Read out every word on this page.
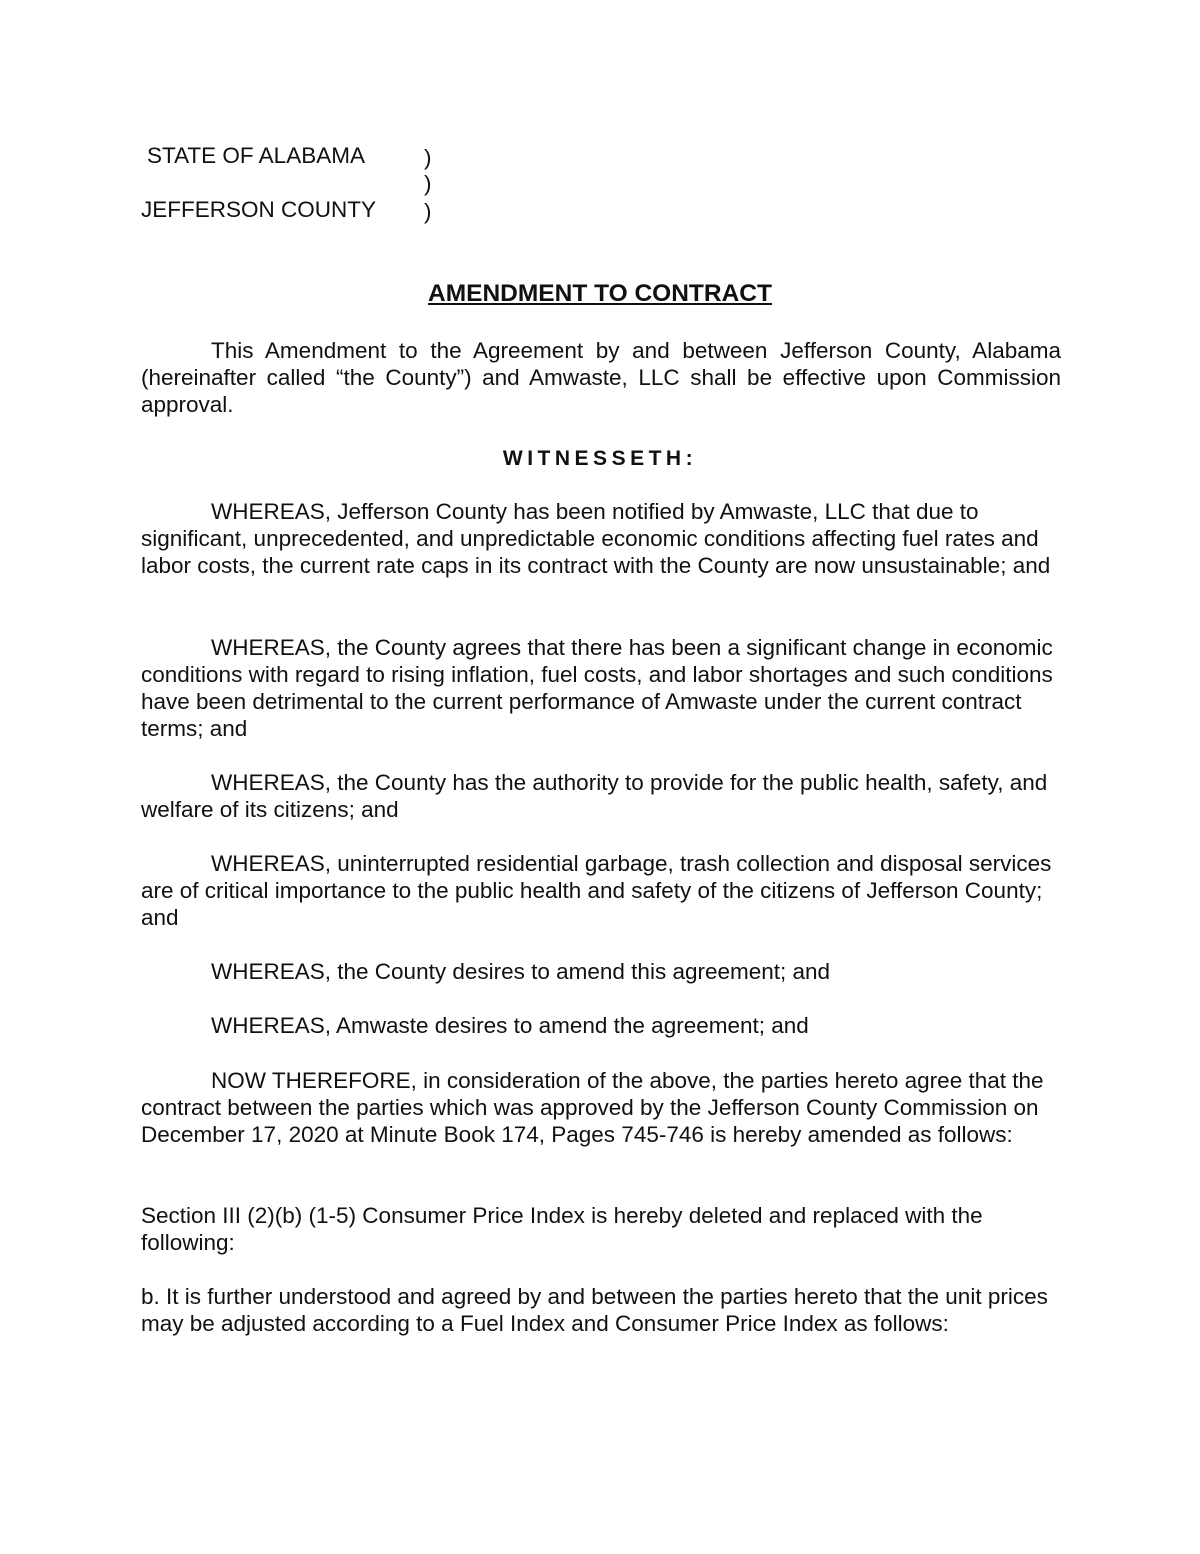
STATE OF ALABAMA	)
)
JEFFERSON COUNTY )
AMENDMENT TO CONTRACT
This Amendment to the Agreement by and between Jefferson County, Alabama (hereinafter called “the County”) and Amwaste, LLC shall be effective upon Commission approval.
WITNESSETH:
WHEREAS, Jefferson County has been notified by Amwaste, LLC that due to significant, unprecedented, and unpredictable economic conditions affecting fuel rates and labor costs, the current rate caps in its contract with the County are now unsustainable; and
WHEREAS, the County agrees that there has been a significant change in economic conditions with regard to rising inflation, fuel costs, and labor shortages and such conditions have been detrimental to the current performance of Amwaste under the current contract terms; and
WHEREAS, the County has the authority to provide for the public health, safety, and welfare of its citizens; and
WHEREAS, uninterrupted residential garbage, trash collection and disposal services are of critical importance to the public health and safety of the citizens of Jefferson County; and
WHEREAS, the County desires to amend this agreement; and
WHEREAS, Amwaste desires to amend the agreement; and
NOW THEREFORE, in consideration of the above, the parties hereto agree that the contract between the parties which was approved by the Jefferson County Commission on December 17, 2020 at Minute Book 174, Pages 745-746 is hereby amended as follows:
Section III (2)(b) (1-5) Consumer Price Index is hereby deleted and replaced with the following:
b. It is further understood and agreed by and between the parties hereto that the unit prices may be adjusted according to a Fuel Index and Consumer Price Index as follows:
